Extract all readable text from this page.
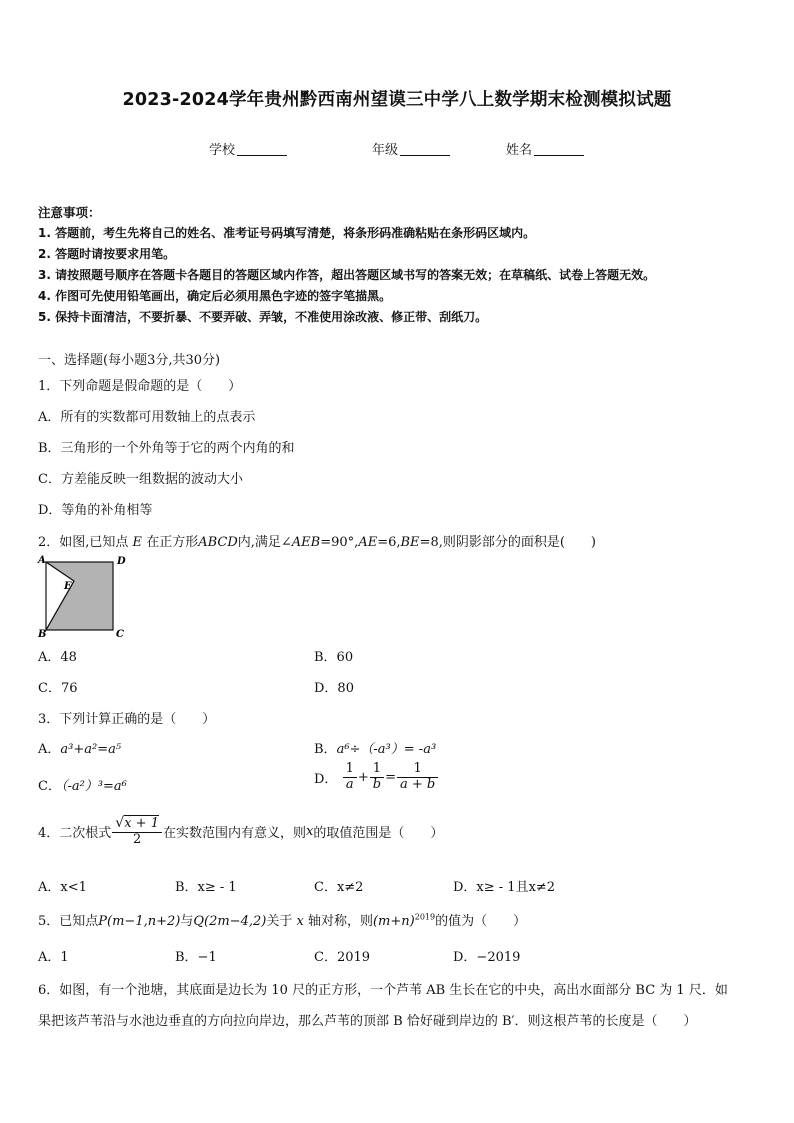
2023-2024学年贵州黔西南州望谟三中学八上数学期末检测模拟试题
学校	年级	姓名
注意事项：
1. 答题前，考生先将自己的姓名、准考证号码填写清楚，将条形码准确粘贴在条形码区域内。
2. 答题时请按要求用笔。
3. 请按照题号顺序在答题卡各题目的答题区域内作答，超出答题区域书写的答案无效；在草稿纸、试卷上答题无效。
4. 作图可先使用铅笔画出，确定后必须用黑色字迹的签字笔描黑。
5. 保持卡面清洁，不要折暴、不要弄破、弄皱，不准使用涂改液、修正带、刮纸刀。
一、选择题(每小题3分,共30分)
1．下列命题是假命题的是（　　）
A．所有的实数都可用数轴上的点表示
B．三角形的一个外角等于它的两个内角的和
C．方差能反映一组数据的波动大小
D．等角的补角相等
2．如图,已知点 E 在正方形ABCD内,满足∠AEB=90°,AE=6,BE=8,则阴影部分的面积是(　　)
A	D
E
B	C
A．48	B．60
C．76	D．80
3．下列计算正确的是（　　）
A．a³+a²=a⁵	B．a⁶÷（-a³）= -a³
C．（-a²）³=a⁶	D． $\frac{1}{a} + \frac{1}{b} = \frac{1}{a + b}$
4．二次根式 $\frac{√x + 1}{2}$ 在实数范围内有意义，则x的取值范围是（　　）
A．x<1	B．x≥ - 1	C．x≠2	D．x≥ - 1且x≠2
5．已知点P(m−1,n+2)与Q(2m−4,2)关于 x 轴对称，则$(m+n)^{2019}$的值为（　　）
A．1	B．−1	C．2019	D．−2019
6．如图，有一个池塘，其底面是边长为 10 尺的正方形，一个芦苇 AB 生长在它的中央，高出水面部分 BC 为 1 尺．如
果把该芦苇沿与水池边垂直的方向拉向岸边，那么芦苇的顶部 B 恰好碰到岸边的 B′．则这根芦苇的长度是（　　）
